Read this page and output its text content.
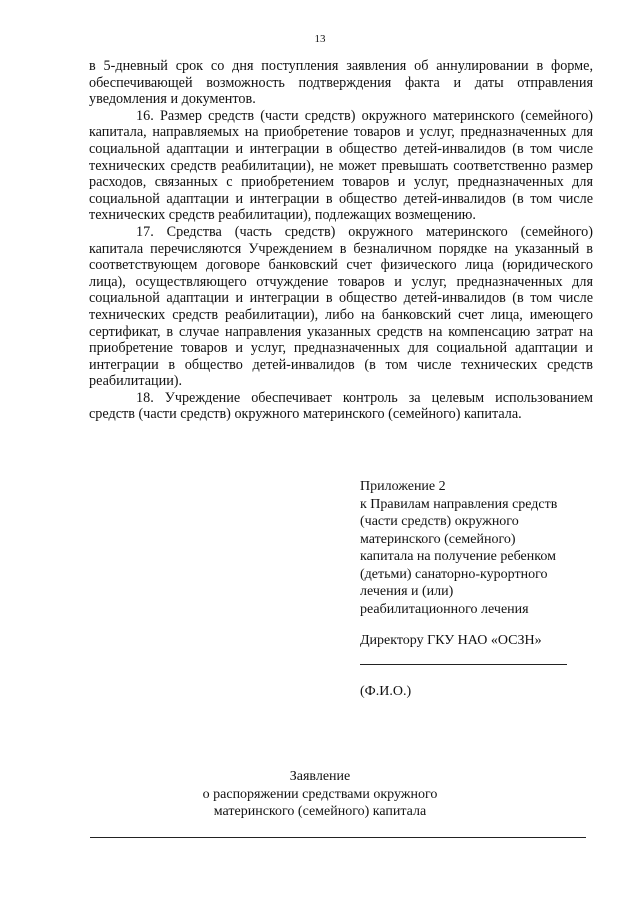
13

в 5-дневный срок со дня поступления заявления об аннулировании в форме, обеспечивающей возможность подтверждения факта и даты отправления уведомления и документов.

16. Размер средств (части средств) окружного материнского (семейного) капитала, направляемых на приобретение товаров и услуг, предназначенных для социальной адаптации и интеграции в общество детей-инвалидов (в том числе технических средств реабилитации), не может превышать соответственно размер расходов, связанных с приобретением товаров и услуг, предназначенных для социальной адаптации и интеграции в общество детей-инвалидов (в том числе технических средств реабилитации), подлежащих возмещению.

17. Средства (часть средств) окружного материнского (семейного) капитала перечисляются Учреждением в безналичном порядке на указанный в соответствующем договоре банковский счет физического лица (юридического лица), осуществляющего отчуждение товаров и услуг, предназначенных для социальной адаптации и интеграции в общество детей-инвалидов (в том числе технических средств реабилитации), либо на банковский счет лица, имеющего сертификат, в случае направления указанных средств на компенсацию затрат на приобретение товаров и услуг, предназначенных для социальной адаптации и интеграции в общество детей-инвалидов (в том числе технических средств реабилитации).

18. Учреждение обеспечивает контроль за целевым использованием средств (части средств) окружного материнского (семейного) капитала.

Приложение 2
к Правилам направления средств
(части средств) окружного
материнского (семейного)
капитала на получение ребенком
(детьми) санаторно-курортного
лечения и (или)
реабилитационного лечения
Директору ГКУ НАО «ОСЗН»
(Ф.И.О.)
Заявление
о распоряжении средствами окружного
материнского (семейного) капитала
